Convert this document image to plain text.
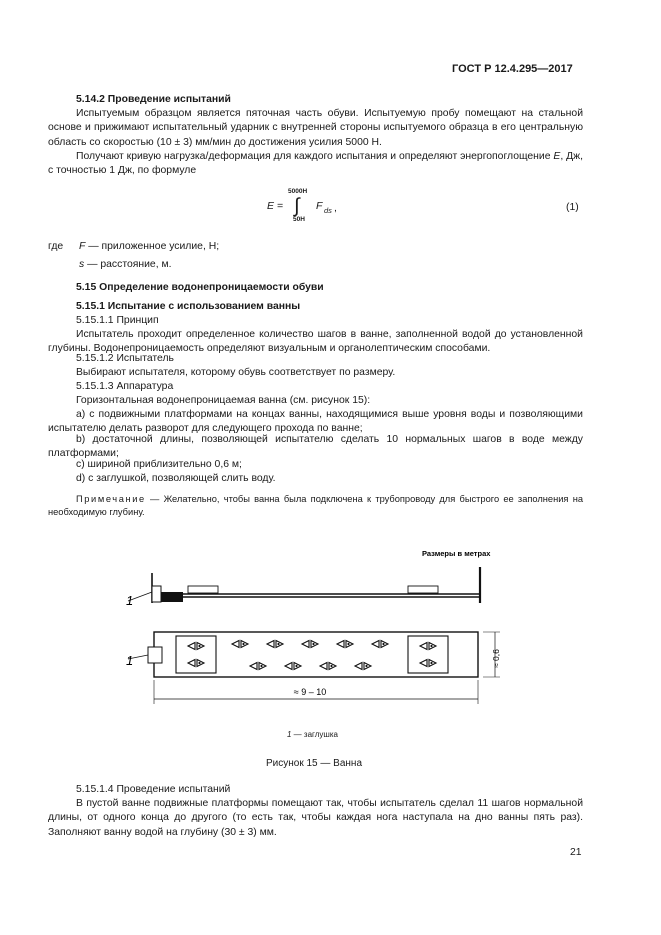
ГОСТ Р 12.4.295—2017
5.14.2 Проведение испытаний
Испытуемым образцом является пяточная часть обуви. Испытуемую пробу помещают на стальной основе и прижимают испытательный ударник с внутренней стороны испытуемого образца в его центральную область со скоростью (10 ± 3) мм/мин до достижения усилия 5000 Н.
Получают кривую нагрузка/деформация для каждого испытания и определяют энергопоглощение E, Дж, с точностью 1 Дж, по формуле
E =
5000Н
∫
50Н
F ds ,	(1)
где F — приложенное усилие, Н;
s — расстояние, м.
5.15 Определение водонепроницаемости обуви
5.15.1 Испытание с использованием ванны
5.15.1.1 Принцип
Испытатель проходит определенное количество шагов в ванне, заполненной водой до установленной глубины. Водонепроницаемость определяют визуальным и органолептическим способами.
5.15.1.2 Испытатель
Выбирают испытателя, которому обувь соответствует по размеру.
5.15.1.3 Аппаратура
Горизонтальная водонепроницаемая ванна (см. рисунок 15):
a) с подвижными платформами на концах ванны, находящимися выше уровня воды и позволяющими испытателю делать разворот для следующего прохода по ванне;
b) достаточной длины, позволяющей испытателю сделать 10 нормальных шагов в воде между платформами;
c) шириной приблизительно 0,6 м;
d) с заглушкой, позволяющей слить воду.
Примечание — Желательно, чтобы ванна была подключена к трубопроводу для быстрого ее заполнения на необходимую глубину.
Размеры в метрах
1
1	≈ 0,6
≈ 9 – 10
1 — заглушка
Рисунок 15 — Ванна
5.15.1.4 Проведение испытаний
В пустой ванне подвижные платформы помещают так, чтобы испытатель сделал 11 шагов нормальной длины, от одного конца до другого (то есть так, чтобы каждая нога наступала на дно ванны пять раз). Заполняют ванну водой на глубину (30 ± 3) мм.
21
